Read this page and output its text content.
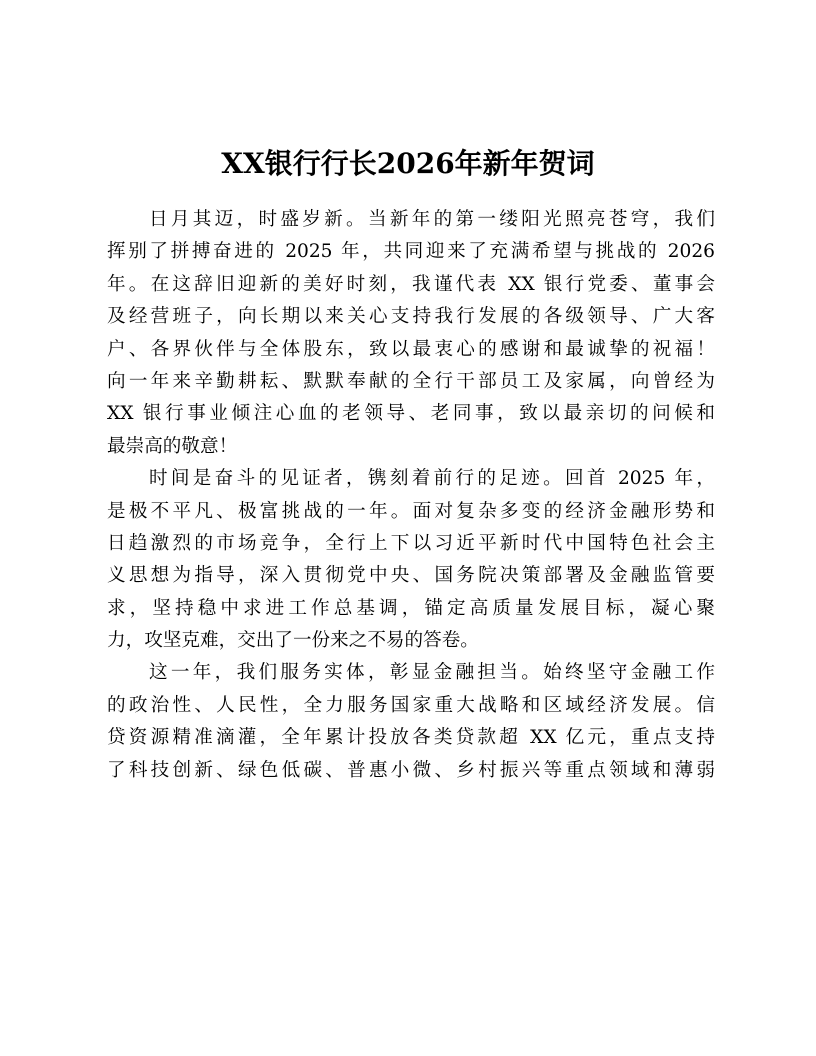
XX银行行长2026年新年贺词
日月其迈，时盛岁新。当新年的第一缕阳光照亮苍穹，我们
挥别了拼搏奋进的 2025 年，共同迎来了充满希望与挑战的 2026
年。在这辞旧迎新的美好时刻，我谨代表 XX 银行党委、董事会
及经营班子，向长期以来关心支持我行发展的各级领导、广大客
户、各界伙伴与全体股东，致以最衷心的感谢和最诚挚的祝福！
向一年来辛勤耕耘、默默奉献的全行干部员工及家属，向曾经为
XX 银行事业倾注心血的老领导、老同事，致以最亲切的问候和
最崇高的敬意！
时间是奋斗的见证者，镌刻着前行的足迹。回首 2025 年，
是极不平凡、极富挑战的一年。面对复杂多变的经济金融形势和
日趋激烈的市场竞争，全行上下以习近平新时代中国特色社会主
义思想为指导，深入贯彻党中央、国务院决策部署及金融监管要
求，坚持稳中求进工作总基调，锚定高质量发展目标，凝心聚
力，攻坚克难，交出了一份来之不易的答卷。
这一年，我们服务实体，彰显金融担当。始终坚守金融工作
的政治性、人民性，全力服务国家重大战略和区域经济发展。信
贷资源精准滴灌，全年累计投放各类贷款超 XX 亿元，重点支持
了科技创新、绿色低碳、普惠小微、乡村振兴等重点领域和薄弱
